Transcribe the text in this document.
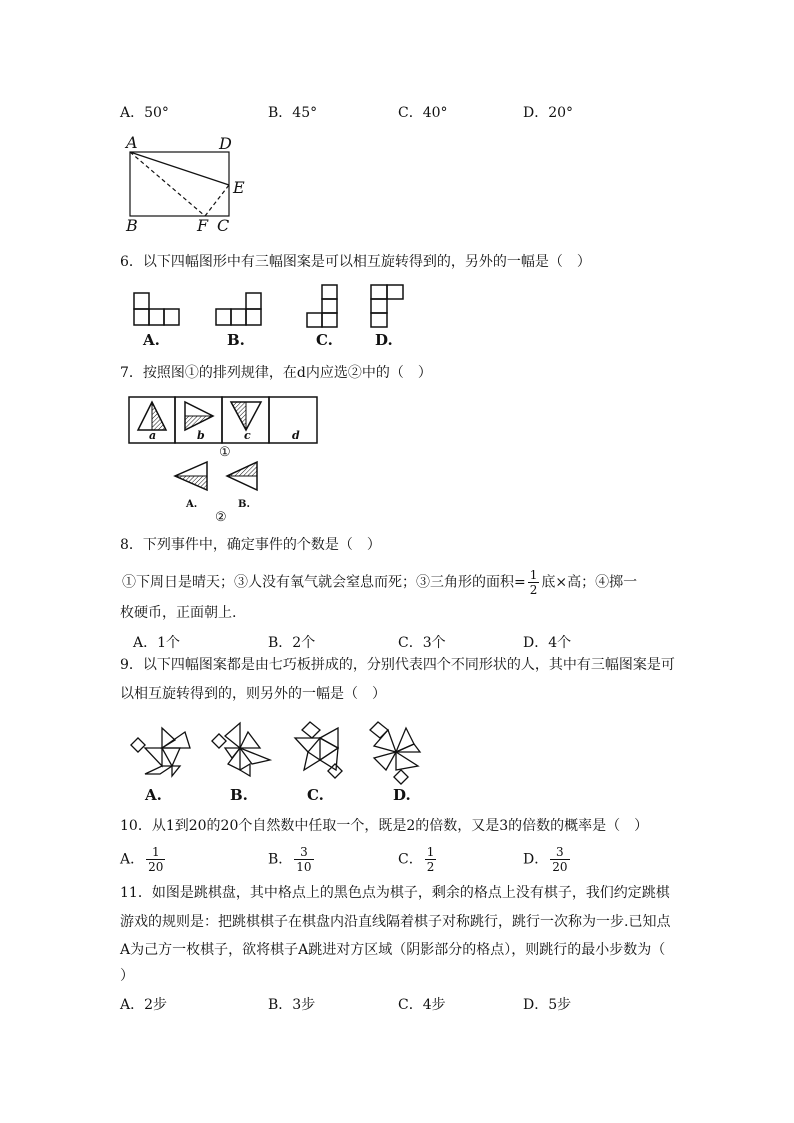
A．50°	B．45°	C．40°	D．20°
A	D
E
B	F C
6．以下四幅图形中有三幅图案是可以相互旋转得到的，另外的一幅是（　）
A.	B.	C.	D.
7．按照图①的排列规律，在d内应选②中的（　）
a	b	c	d
①
A.	B.
②
8．下列事件中，确定事件的个数是（　）
①下周日是晴天；③人没有氧气就会窒息而死；③三角形的面积= $\frac{1}{2}$ 底×高；④掷一
枚硬币，正面朝上.
A．1个	B．2个	C．3个	D．4个
9．以下四幅图案都是由七巧板拼成的，分别代表四个不同形状的人，其中有三幅图案是可
以相互旋转得到的，则另外的一幅是（　）
A.	B.	C.	D.
10．从1到20的20个自然数中任取一个，既是2的倍数，又是3的倍数的概率是（　）
A． $\frac{1}{20}$	B． $\frac{3}{10}$	C． $\frac{1}{2}$	D． $\frac{3}{20}$
11．如图是跳棋盘，其中格点上的黑色点为棋子，剩余的格点上没有棋子，我们约定跳棋
游戏的规则是：把跳棋棋子在棋盘内沿直线隔着棋子对称跳行，跳行一次称为一步.已知点
A为己方一枚棋子，欲将棋子A跳进对方区域（阴影部分的格点），则跳行的最小步数为（
）
A．2步	B．3步	C．4步	D．5步
